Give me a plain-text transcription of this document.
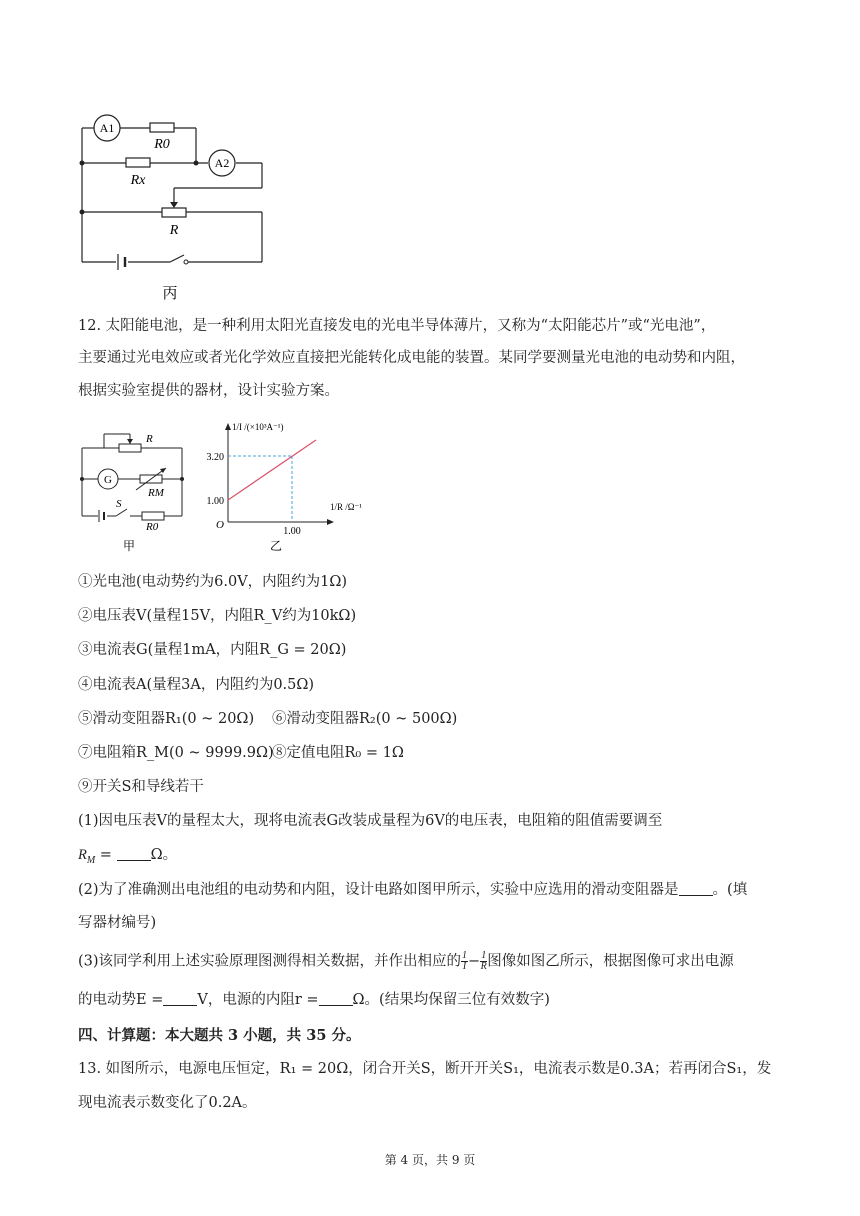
A1
A2
R0
Rx
R
丙
12. 太阳能电池，是一种利用太阳光直接发电的光电半导体薄片，又称为“太阳能芯片”或“光电池”，
主要通过光电效应或者光化学效应直接把光能转化成电能的装置。某同学要测量光电池的电动势和内阻，
根据实验室提供的器材，设计实验方案。
R
G
RM
S
R0
甲
1/I /(×10³A⁻¹)
3.20
1.00
1.00
O
1/R /Ω⁻¹
乙
①光电池(电动势约为6.0V，内阻约为1Ω)
②电压表V(量程15V，内阻R_V约为10kΩ)
③电流表G(量程1mA，内阻R_G = 20Ω)
④电流表A(量程3A，内阻约为0.5Ω)
⑤滑动变阻器R₁(0 ~ 20Ω) ⑥滑动变阻器R₂(0 ~ 500Ω)
⑦电阻箱R_M(0 ~ 9999.9Ω)
⑧定值电阻R₀ = 1Ω
⑨开关S和导线若干
(1)因电压表V的量程太大，现将电流表G改装成量程为6V的电压表，电阻箱的阻值需要调至
$R_M$ =	Ω。
(2)为了准确测出电池组的电动势和内阻，设计电路如图甲所示，实验中应选用的滑动变阻器是 。(填
写器材编号)
(3)该同学利用上述实验原理图测得相关数据，并作出相应的 $\frac{1}{I} - \frac{1}{R}$ 图像如图乙所示，根据图像可求出电源
的电动势E = V，电源的内阻r = Ω。(结果均保留三位有效数字)
四、计算题：本大题共 3 小题，共 35 分。
13. 如图所示，电源电压恒定，R₁ = 20Ω，闭合开关S，断开开关S₁，电流表示数是0.3A；若再闭合S₁，发
现电流表示数变化了0.2A。
第 4 页，共 9 页
